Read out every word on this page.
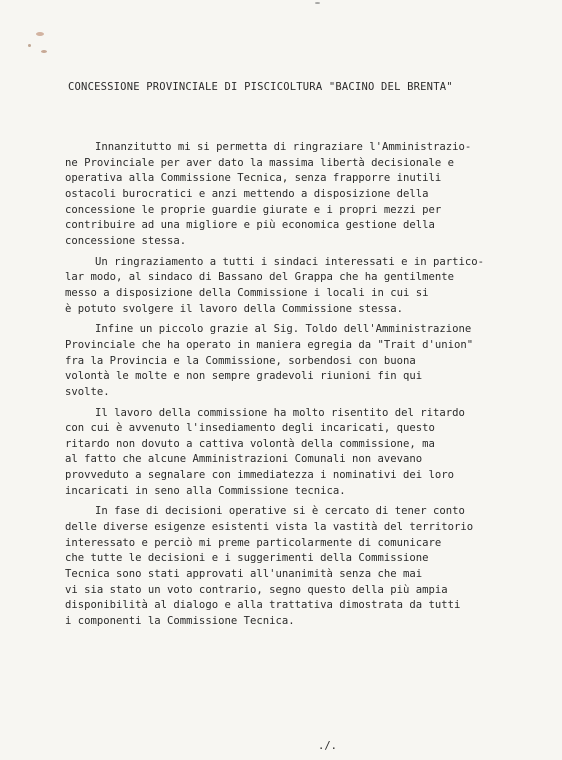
CONCESSIONE PROVINCIALE DI PISCICOLTURA "BACINO DEL BRENTA"
Innanzitutto mi si permetta di ringraziare l'Amministrazio-
ne Provinciale per aver dato la massima libertà decisionale e
operativa alla Commissione Tecnica, senza frapporre inutili
ostacoli burocratici e anzi mettendo a disposizione della
concessione le proprie guardie giurate e i propri mezzi per
contribuire ad una migliore e più economica gestione della
concessione stessa.
Un ringraziamento a tutti i sindaci interessati e in partico-
lar modo, al sindaco di Bassano del Grappa che ha gentilmente
messo a disposizione della Commissione i locali in cui si
è potuto svolgere il lavoro della Commissione stessa.
Infine un piccolo grazie al Sig. Toldo dell'Amministrazione
Provinciale che ha operato in maniera egregia da "Trait d'union"
fra la Provincia e la Commissione, sorbendosi con buona
volontà le molte e non sempre gradevoli riunioni fin qui
svolte.
Il lavoro della commissione ha molto risentito del ritardo
con cui è avvenuto l'insediamento degli incaricati, questo
ritardo non dovuto a cattiva volontà della commissione, ma
al fatto che alcune Amministrazioni Comunali non avevano
provveduto a segnalare con immediatezza i nominativi dei loro
incaricati in seno alla Commissione tecnica.
In fase di decisioni operative si è cercato di tener conto
delle diverse esigenze esistenti vista la vastità del territorio
interessato e perciò mi preme particolarmente di comunicare
che tutte le decisioni e i suggerimenti della Commissione
Tecnica sono stati approvati all'unanimità senza che mai
vi sia stato un voto contrario, segno questo della più ampia
disponibilità al dialogo e alla trattativa dimostrata da tutti
i componenti la Commissione Tecnica.
./.
